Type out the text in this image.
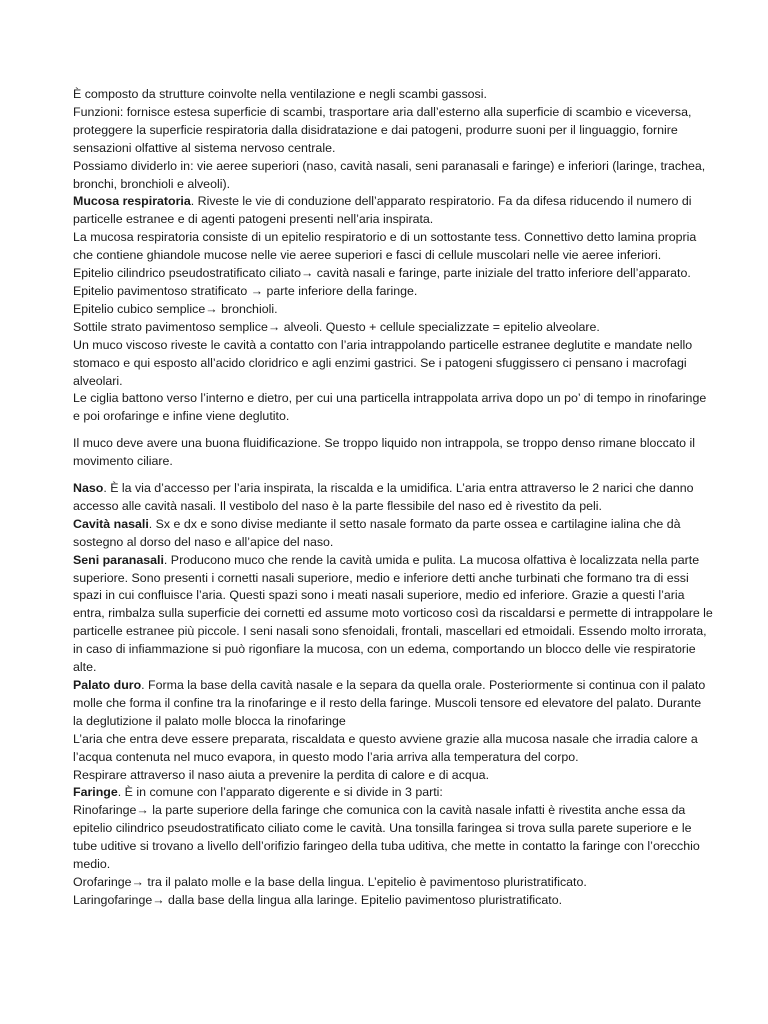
È composto da strutture coinvolte nella ventilazione e negli scambi gassosi.

Funzioni: fornisce estesa superficie di scambi, trasportare aria dall’esterno alla superficie di scambio e viceversa, proteggere la superficie respiratoria dalla disidratazione e dai patogeni, produrre suoni per il linguaggio, fornire sensazioni olfattive al sistema nervoso centrale.

Possiamo dividerlo in: vie aeree superiori (naso, cavità nasali, seni paranasali e faringe) e inferiori (laringe, trachea, bronchi, bronchioli e alveoli).

Mucosa respiratoria. Riveste le vie di conduzione dell’apparato respiratorio. Fa da difesa riducendo il numero di particelle estranee e di agenti patogeni presenti nell’aria inspirata.

La mucosa respiratoria consiste di un epitelio respiratorio e di un sottostante tess. Connettivo detto lamina propria che contiene ghiandole mucose nelle vie aeree superiori e fasci di cellule muscolari nelle vie aeree inferiori.

Epitelio cilindrico pseudostratificato ciliato→ cavità nasali e faringe, parte iniziale del tratto inferiore dell’apparato.

Epitelio pavimentoso stratificato → parte inferiore della faringe.

Epitelio cubico semplice→ bronchioli.

Sottile strato pavimentoso semplice→ alveoli. Questo + cellule specializzate = epitelio alveolare.

Un muco viscoso riveste le cavità a contatto con l’aria intrappolando particelle estranee deglutite e mandate nello stomaco e qui esposto all’acido cloridrico e agli enzimi gastrici. Se i patogeni sfuggissero ci pensano i macrofagi alveolari.

Le ciglia battono verso l’interno e dietro, per cui una particella intrappolata arriva dopo un po’ di tempo in rinofaringe e poi orofaringe e infine viene deglutito.

Il muco deve avere una buona fluidificazione. Se troppo liquido non intrappola, se troppo denso rimane bloccato il movimento ciliare.

Naso. È la via d’accesso per l’aria inspirata, la riscalda e la umidifica. L’aria entra attraverso le 2 narici che danno accesso alle cavità nasali. Il vestibolo del naso è la parte flessibile del naso ed è rivestito da peli.

Cavità nasali. Sx e dx e sono divise mediante il setto nasale formato da parte ossea e cartilagine ialina che dà sostegno al dorso del naso e all’apice del naso.

Seni paranasali. Producono muco che rende la cavità umida e pulita. La mucosa olfattiva è localizzata nella parte superiore. Sono presenti i cornetti nasali superiore, medio e inferiore detti anche turbinati che formano tra di essi spazi in cui confluisce l’aria. Questi spazi sono i meati nasali superiore, medio ed inferiore. Grazie a questi l’aria entra, rimbalza sulla superficie dei cornetti ed assume moto vorticoso così da riscaldarsi e permette di intrappolare le particelle estranee più piccole. I seni nasali sono sfenoidali, frontali, mascellari ed etmoidali. Essendo molto irrorata, in caso di infiammazione si può rigonfiare la mucosa, con un edema, comportando un blocco delle vie respiratorie alte.

Palato duro. Forma la base della cavità nasale e la separa da quella orale. Posteriormente si continua con il palato molle che forma il confine tra la rinofaringe e il resto della faringe. Muscoli tensore ed elevatore del palato. Durante la deglutizione il palato molle blocca la rinofaringe

L’aria che entra deve essere preparata, riscaldata e questo avviene grazie alla mucosa nasale che irradia calore a l’acqua contenuta nel muco evapora, in questo modo l’aria arriva alla temperatura del corpo.

Respirare attraverso il naso aiuta a prevenire la perdita di calore e di acqua.

Faringe. È in comune con l’apparato digerente e si divide in 3 parti:

Rinofaringe→ la parte superiore della faringe che comunica con la cavità nasale infatti è rivestita anche essa da epitelio cilindrico pseudostratificato ciliato come le cavità. Una tonsilla faringea si trova sulla parete superiore e le tube uditive si trovano a livello dell’orifizio faringeo della tuba uditiva, che mette in contatto la faringe con l’orecchio medio.

Orofaringe→ tra il palato molle e la base della lingua. L’epitelio è pavimentoso pluristratificato.

Laringofaringe→ dalla base della lingua alla laringe. Epitelio pavimentoso pluristratificato.
